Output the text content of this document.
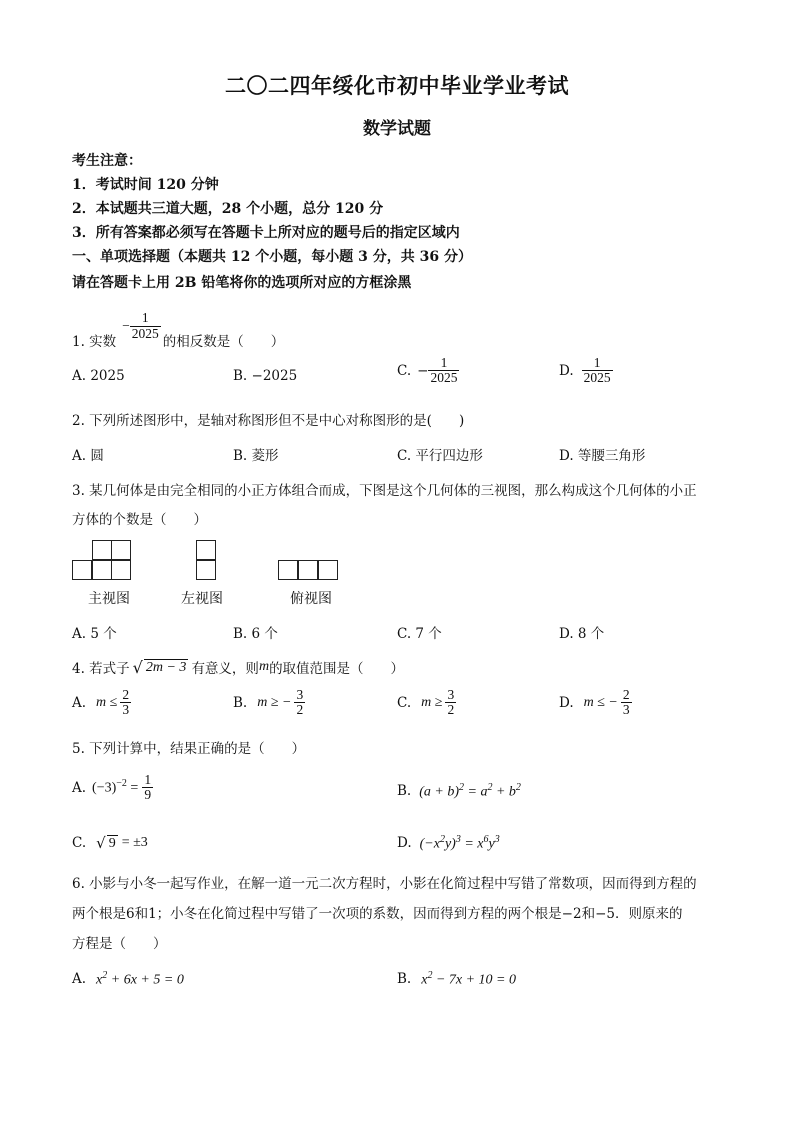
二〇二四年绥化市初中毕业学业考试
数学试题
考生注意：
1．考试时间 120 分钟
2．本试题共三道大题，28 个小题，总分 120 分
3．所有答案都必须写在答题卡上所对应的题号后的指定区域内
一、单项选择题（本题共 12 个小题，每小题 3 分，共 36 分）
请在答题卡上用 2B 铅笔将你的选项所对应的方框涂黑
1. 实数
− $\frac{1}{2025}$
的相反数是（　　）
A. 2025	B. −2025	C. − $\frac{1}{2025}$	D. $\frac{1}{2025}$
2. 下列所述图形中，是轴对称图形但不是中心对称图形的是(　　)
A. 圆	B. 菱形	C. 平行四边形	D. 等腰三角形
3. 某几何体是由完全相同的小正方体组合而成，下图是这个几何体的三视图，那么构成这个几何体的小正
方体的个数是（　　）
主视图	左视图	俯视图
A. 5 个	B. 6 个	C. 7 个	D. 8 个
4. 若式子 √ 2m − 3 有意义，则 m 的取值范围是（　　）
A. $m \le \frac{2}{3}$	B. m ≥ − $\frac{3}{2}$	C. $m \ge \frac{3}{2}$	D. m ≤ − $\frac{2}{3}$
5. 下列计算中，结果正确的是（　　）
A. $(-3)^{-2} = \frac{1}{9}$	B. $(a + b)^2 = a^2 + b^2$
C. √ 9 = ±3	D. $(-x^2y)^3 = x^6y^3$
6. 小影与小冬一起写作业，在解一道一元二次方程时，小影在化简过程中写错了常数项，因而得到方程的
两个根是6和1；小冬在化简过程中写错了一次项的系数，因而得到方程的两个根是−2和−5．则原来的
方程是（　　）
A. $x^2 + 6x + 5 = 0$	B. $x^2 - 7x + 10 = 0$
